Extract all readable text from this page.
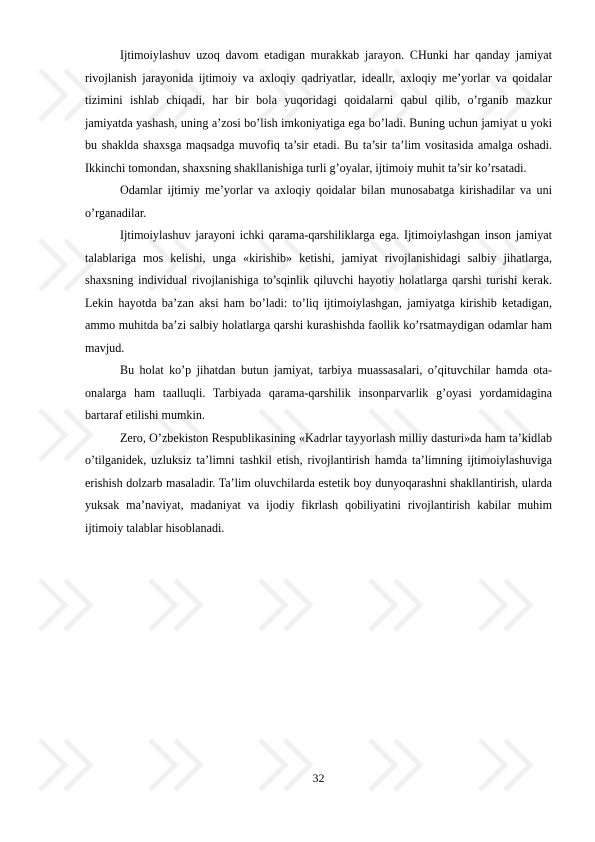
Ijtimoiylashuv uzoq davom etadigan murakkab jarayon. CHunki har qanday jamiyat rivojlanish jarayonida ijtimoiy va axloqiy qadriyatlar, ideallr, axloqiy me’yorlar va qoidalar tizimini ishlab chiqadi, har bir bola yuqoridagi qoidalarni qabul qilib, o’rganib mazkur jamiyatda yashash, uning a’zosi bo’lish imkoniyatiga ega bo’ladi. Buning uchun jamiyat u yoki bu shaklda shaxsga maqsadga muvofiq ta’sir etadi. Bu ta’sir ta’lim vositasida amalga oshadi. Ikkinchi tomondan, shaxsning shakllanishiga turli g’oyalar, ijtimoiy muhit ta’sir ko’rsatadi.

Odamlar ijtimiy me’yorlar va axloqiy qoidalar bilan munosabatga kirishadilar va uni o’rganadilar.

Ijtimoiylashuv jarayoni ichki qarama-qarshiliklarga ega. Ijtimoiylashgan inson jamiyat talablariga mos kelishi, unga «kirishib» ketishi, jamiyat rivojlanishidagi salbiy jihatlarga, shaxsning individual rivojlanishiga to’sqinlik qiluvchi hayotiy holatlarga qarshi turishi kerak. Lekin hayotda ba’zan aksi ham bo’ladi: to’liq ijtimoiylashgan, jamiyatga kirishib ketadigan, ammo muhitda ba’zi salbiy holatlarga qarshi kurashishda faollik ko’rsatmaydigan odamlar ham mavjud.

Bu holat ko’p jihatdan butun jamiyat, tarbiya muassasalari, o’qituvchilar hamda ota-onalarga ham taalluqli. Tarbiyada qarama-qarshilik insonparvarlik g’oyasi yordamidagina bartaraf etilishi mumkin.

Zero, O’zbekiston Respublikasining «Kadrlar tayyorlash milliy dasturi»da ham ta’kidlab o’tilganidek, uzluksiz ta’limni tashkil etish, rivojlantirish hamda ta’limning ijtimoiylashuviga erishish dolzarb masaladir. Ta’lim oluvchilarda estetik boy dunyoqarashni shakllantirish, ularda yuksak ma’naviyat, madaniyat va ijodiy fikrlash qobiliyatini rivojlantirish kabilar muhim ijtimoiy talablar hisoblanadi.

32
